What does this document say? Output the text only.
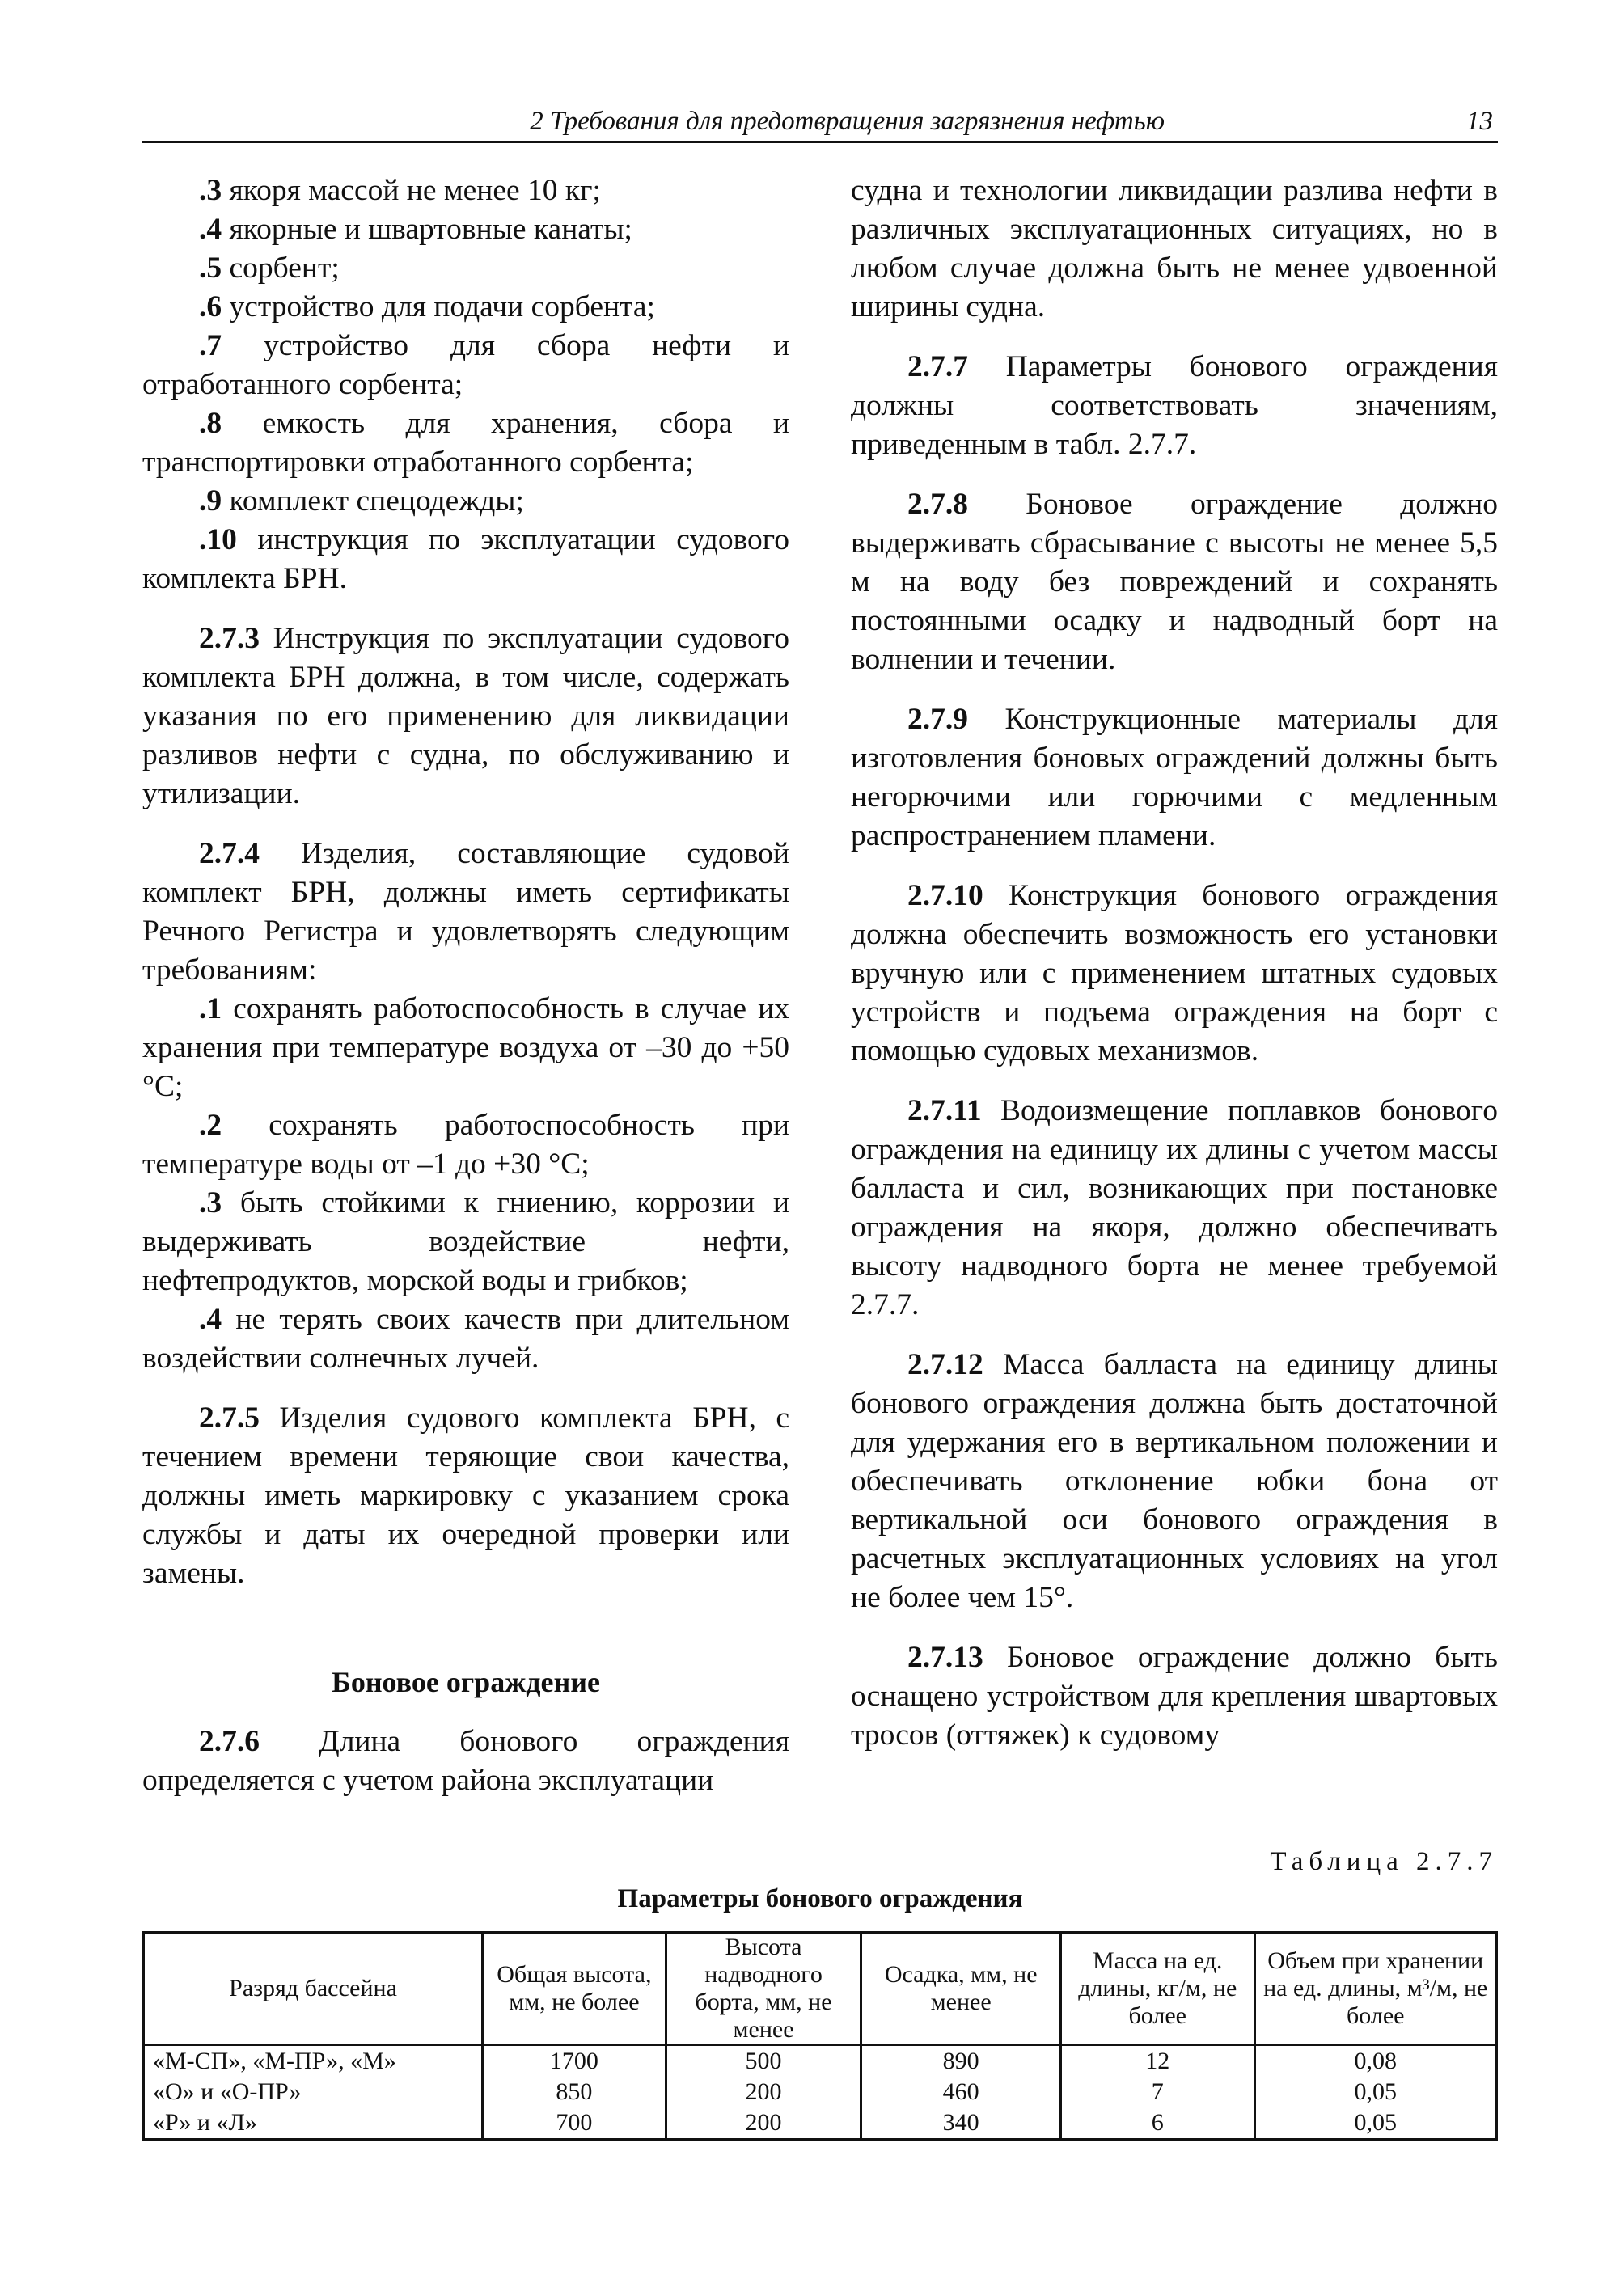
2 Требования для предотвращения загрязнения нефтью	13

.3 якоря массой не менее 10 кг;

.4 якорные и швартовные канаты;

.5 сорбент;

.6 устройство для подачи сорбента;

.7 устройство для сбора нефти и отработанного сорбента;

.8 емкость для хранения, сбора и транспортировки отработанного сорбента;

.9 комплект спецодежды;

.10 инструкция по эксплуатации судового комплекта БРН.

2.7.3 Инструкция по эксплуатации судового комплекта БРН должна, в том числе, содержать указания по его применению для ликвидации разливов нефти с судна, по обслуживанию и утилизации.

2.7.4 Изделия, составляющие судовой комплект БРН, должны иметь сертификаты Речного Регистра и удовлетворять следующим требованиям:

.1 сохранять работоспособность в случае их хранения при температуре воздуха от –30 до +50 °С;

.2 сохранять работоспособность при температуре воды от –1 до +30 °С;

.3 быть стойкими к гниению, коррозии и выдерживать воздействие нефти, нефтепродуктов, морской воды и грибков;

.4 не терять своих качеств при длительном воздействии солнечных лучей.

2.7.5 Изделия судового комплекта БРН, с течением времени теряющие свои качества, должны иметь маркировку с указанием срока службы и даты их очередной проверки или замены.

Боновое ограждение

2.7.6 Длина бонового ограждения определяется с учетом района эксплуатации

судна и технологии ликвидации разлива нефти в различных эксплуатационных ситуациях, но в любом случае должна быть не менее удвоенной ширины судна.

2.7.7 Параметры бонового ограждения должны соответствовать значениям, приведенным в табл. 2.7.7.

2.7.8 Боновое ограждение должно выдерживать сбрасывание с высоты не менее 5,5 м на воду без повреждений и сохранять постоянными осадку и надводный борт на волнении и течении.

2.7.9 Конструкционные материалы для изготовления боновых ограждений должны быть негорючими или горючими с медленным распространением пламени.

2.7.10 Конструкция бонового ограждения должна обеспечить возможность его установки вручную или с применением штатных судовых устройств и подъема ограждения на борт с помощью судовых механизмов.

2.7.11 Водоизмещение поплавков бонового ограждения на единицу их длины с учетом массы балласта и сил, возникающих при постановке ограждения на якоря, должно обеспечивать высоту надводного борта не менее требуемой 2.7.7.

2.7.12 Масса балласта на единицу длины бонового ограждения должна быть достаточной для удержания его в вертикальном положении и обеспечивать отклонение юбки бона от вертикальной оси бонового ограждения в расчетных эксплуатационных условиях на угол не более чем 15°.

2.7.13 Боновое ограждение должно быть оснащено устройством для крепления швартовых тросов (оттяжек) к судовому

Таблица 2.7.7
Параметры бонового ограждения
Разряд бассейна	Общая высота, мм, не более	Высота надводного борта, мм, не менее	Осадка, мм, не менее	Масса на ед. длины, кг/м, не более	Объем при хранении на ед. длины, м³/м, не более
«М-СП», «М-ПР», «М»	1700	500	890	12	0,08
«О» и «О-ПР»	850	200	460	7	0,05
«Р» и «Л»	700	200	340	6	0,05
